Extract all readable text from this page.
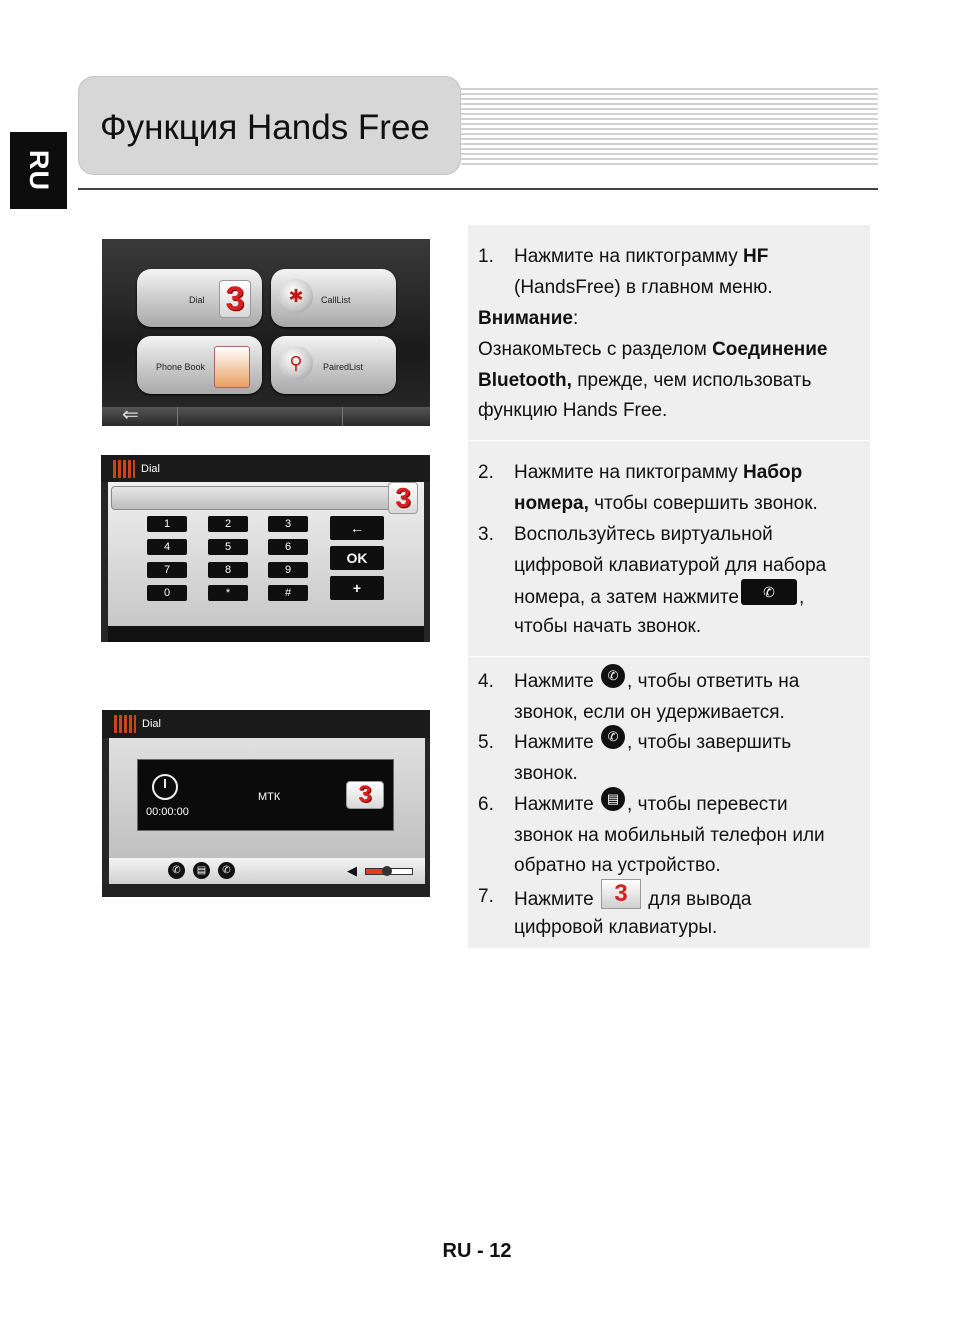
RU
Функция Hands Free
Dial 3	✱	CallList
Phone Book	⚲	PairedList
⇐
Dial
3
1	2	3
4	5	6
7	8	9
0	*	#
←
OK
+
Dial
00:00:00
МТК	3
✆	▤	✆	◀
1. Нажмите на пиктограмму HF
(HandsFree) в главном меню.
Внимание:
Ознакомьтесь с разделом Соединение
Bluetooth, прежде, чем использовать
функцию Hands Free.
2. Нажмите на пиктограмму Набор
номера, чтобы совершить звонок.
3. Воспользуйтесь виртуальной
цифровой клавиатурой для набора
номера, а затем нажмите ✆ ,
чтобы начать звонок.
4. Нажмите ✆ , чтобы ответить на
звонок, если он удерживается.
5. Нажмите ✆ , чтобы завершить
звонок.
6. Нажмите ▤ , чтобы перевести
звонок на мобильный телефон или
обратно на устройство.
7. Нажмите 3 для вывода
цифровой клавиатуры.
RU - 12
